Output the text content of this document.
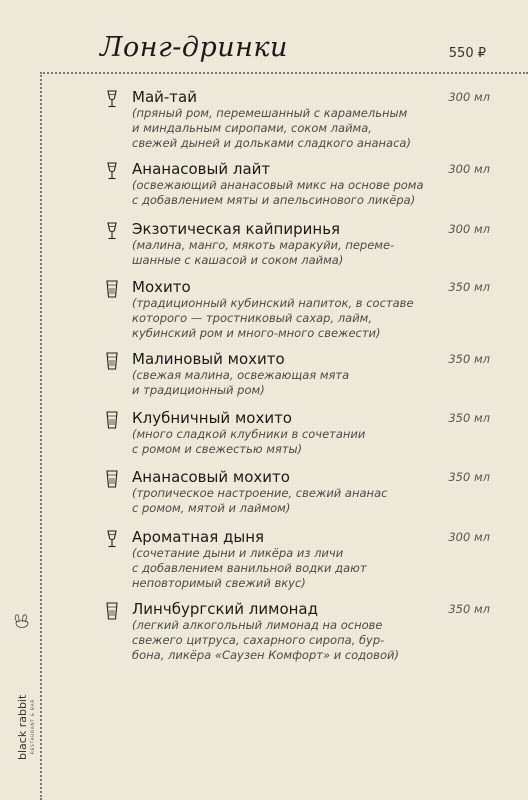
Лонг-дринки	550 ₽
black rabbit RESTAURANT & BAR
Май-тай	300 мл
(пряный ром, перемешанный с карамельным
и миндальным сиропами, соком лайма,
свежей дыней и дольками сладкого ананаса)
Ананасовый лайт	300 мл
(освежающий ананасовый микс на основе рома
с добавлением мяты и апельсинового ликёра)
Экзотическая кайпиринья	300 мл
(малина, манго, мякоть маракуйи, переме-
шанные с кашасой и соком лайма)
Мохито	350 мл
(традиционный кубинский напиток, в составе
которого — тростниковый сахар, лайм,
кубинский ром и много-много свежести)
Малиновый мохито	350 мл
(свежая малина, освежающая мята
и традиционный ром)
Клубничный мохито	350 мл
(много сладкой клубники в сочетании
с ромом и свежестью мяты)
Ананасовый мохито	350 мл
(тропическое настроение, свежий ананас
с ромом, мятой и лаймом)
Ароматная дыня	300 мл
(сочетание дыни и ликёра из личи
с добавлением ванильной водки дают
неповторимый свежий вкус)
Линчбургский лимонад	350 мл
(легкий алкогольный лимонад на основе
свежего цитруса, сахарного сиропа, бур-
бона, ликёра «Саузен Комфорт» и содовой)
